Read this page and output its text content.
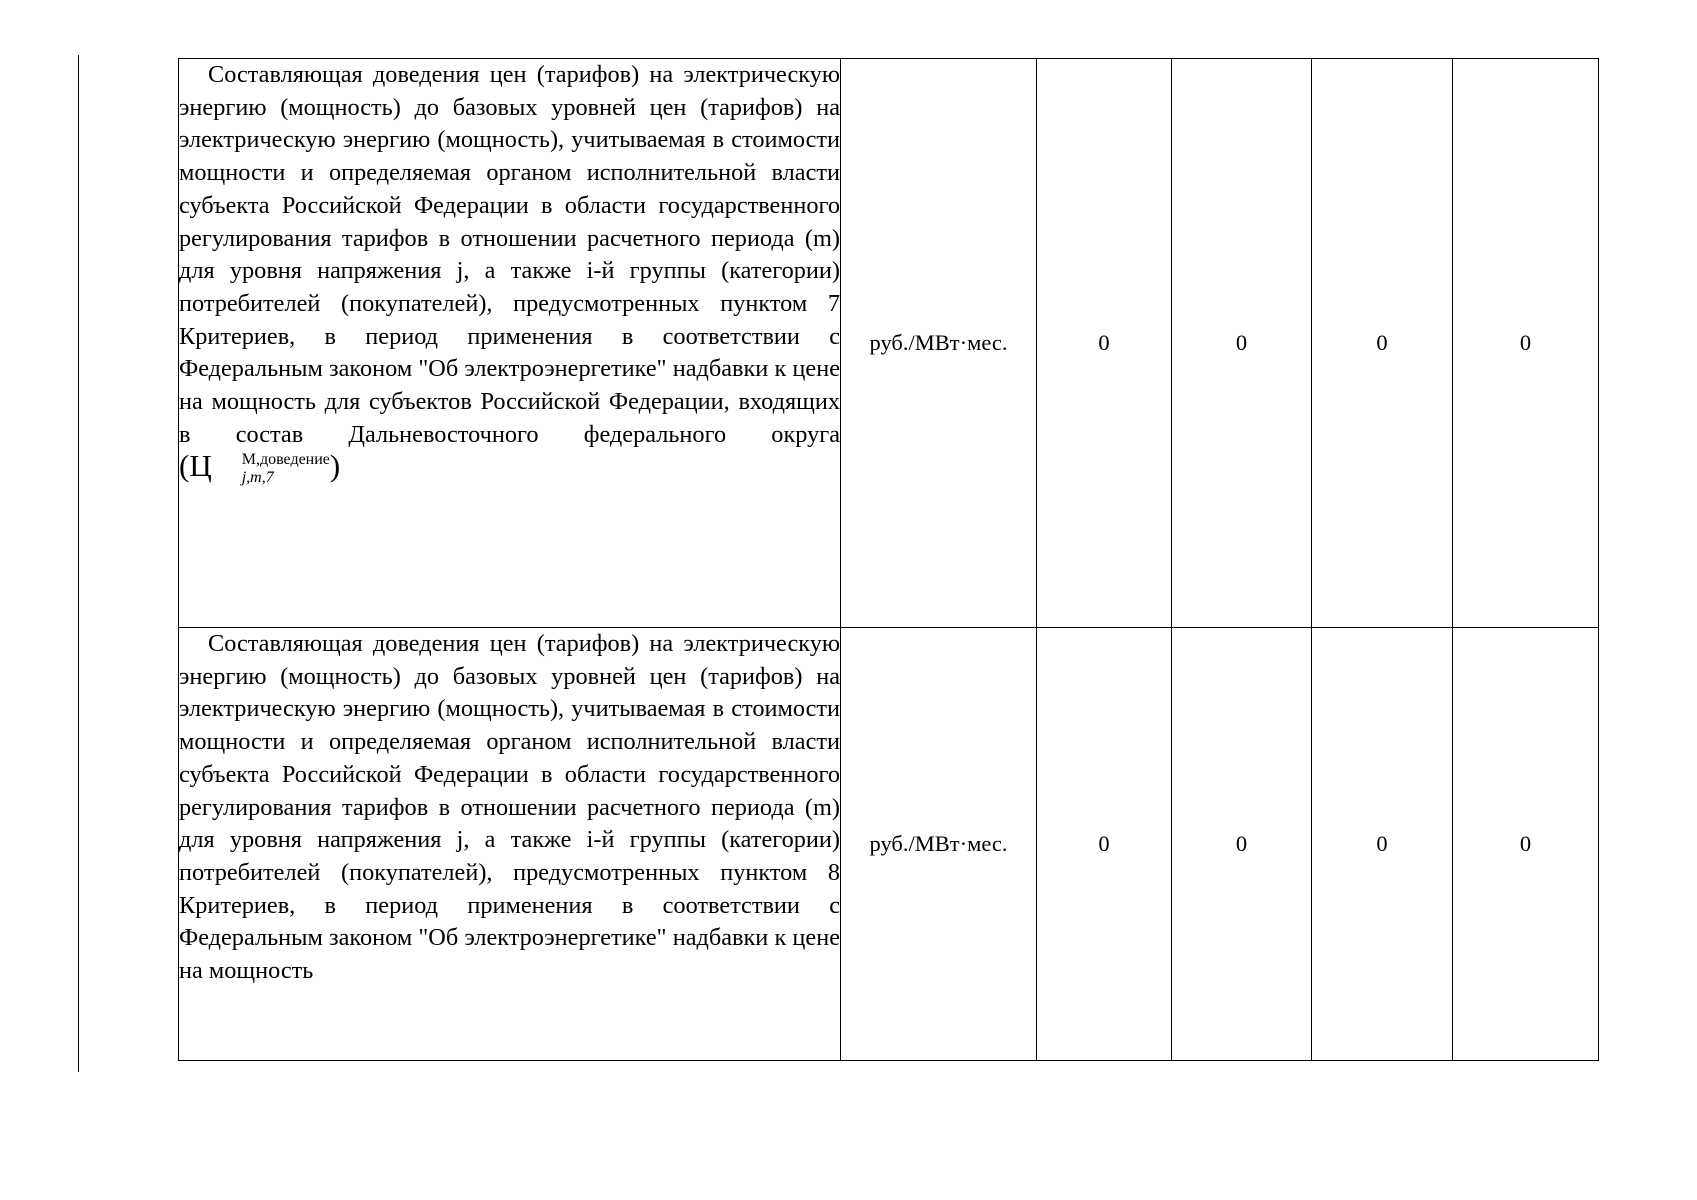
Составляющая доведения цен (тарифов) на электрическую энергию (мощность) до базовых уровней цен (тарифов) на электрическую энергию (мощность), учитываемая в стоимости мощности и определяемая органом исполнительной власти субъекта Российской Федерации в области государственного регулирования тарифов в отношении расчетного периода (m) для уровня напряжения j, а также i-й группы (категории) потребителей (покупателей), предусмотренных пунктом 7 Критериев, в период применения в соответствии с Федеральным законом "Об электроэнергетике" надбавки к цене на мощность для субъектов Российской Федерации, входящих в состав Дальневосточного федерального округа (Ц М,доведение
j,m,7 )	руб./МВт·мес.	0	0	0	0

Составляющая доведения цен (тарифов) на электрическую энергию (мощность) до базовых уровней цен (тарифов) на электрическую энергию (мощность), учитываемая в стоимости мощности и определяемая органом исполнительной власти субъекта Российской Федерации в области государственного регулирования тарифов в отношении расчетного периода (m) для уровня напряжения j, а также i-й группы (категории) потребителей (покупателей), предусмотренных пунктом 8 Критериев, в период применения в соответствии с Федеральным законом "Об электроэнергетике" надбавки к цене на мощность	руб./МВт·мес.	0	0	0	0
